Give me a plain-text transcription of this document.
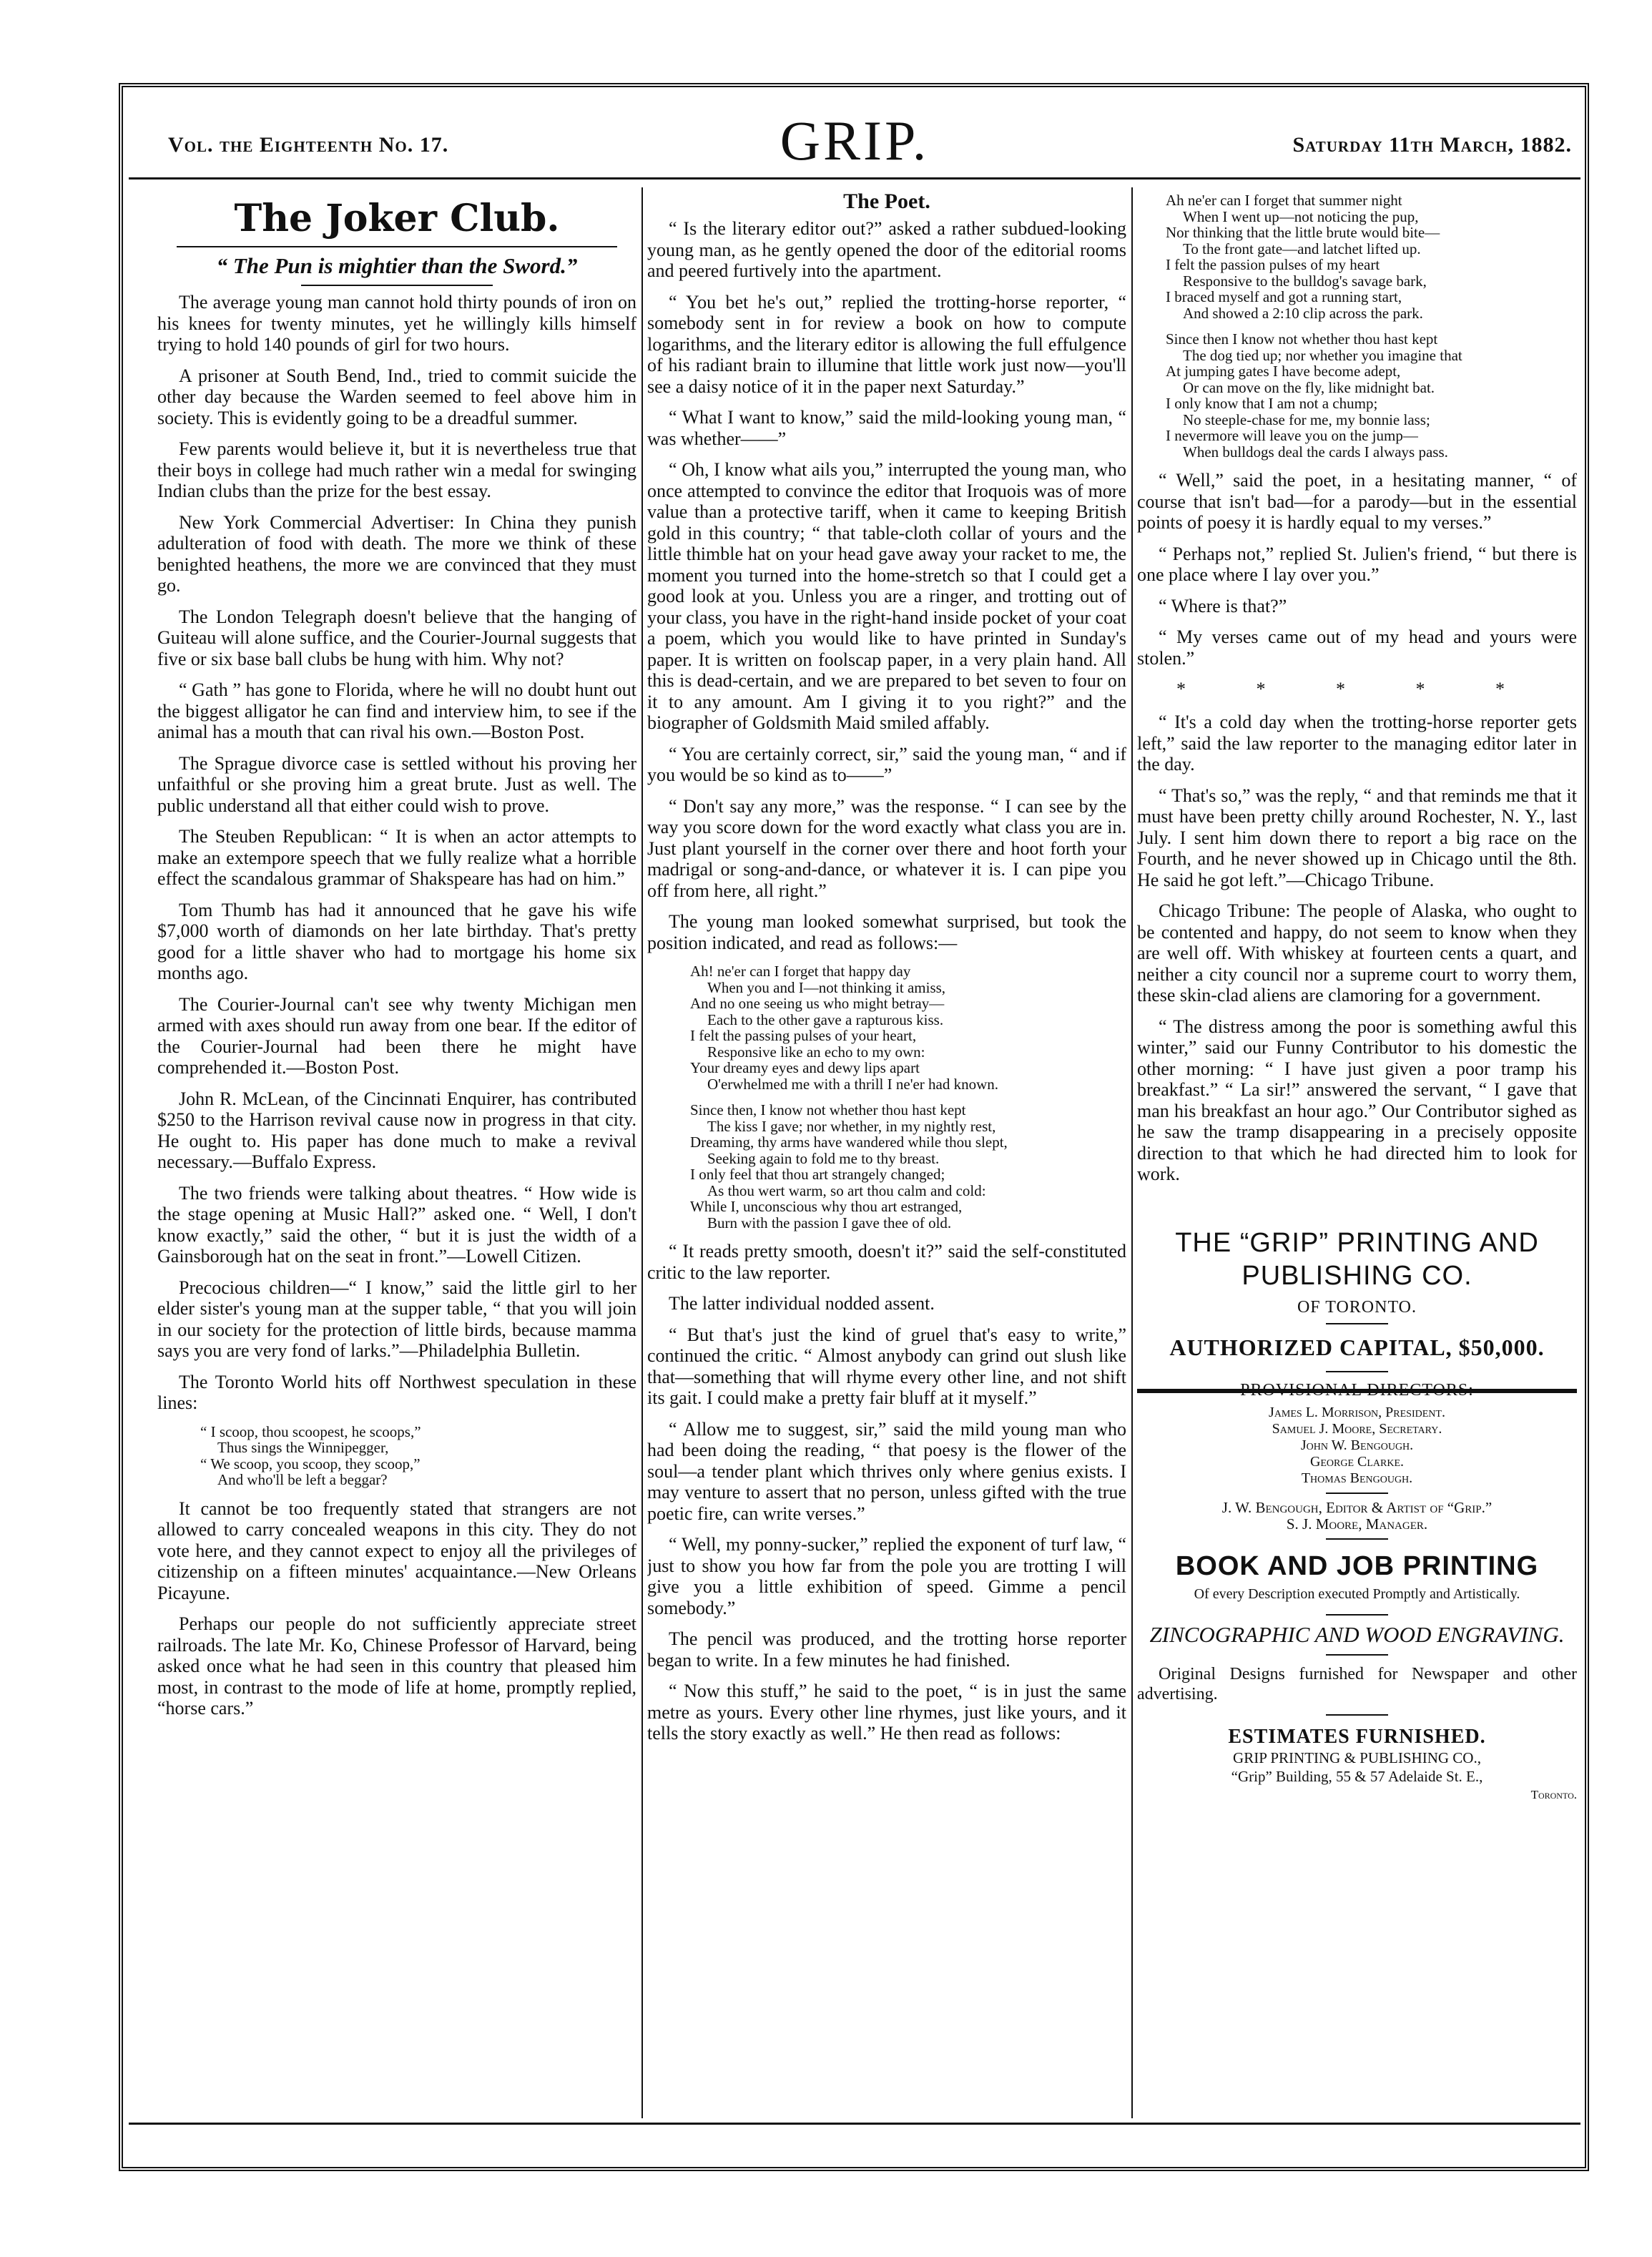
Vol. the Eighteenth No. 17.	GRIP.	Saturday 11th March, 1882.
The Joker Club.
“ The Pun is mightier than the Sword.”

The average young man cannot hold thirty pounds of iron on his knees for twenty minutes, yet he willingly kills himself trying to hold 140 pounds of girl for two hours.

A prisoner at South Bend, Ind., tried to commit suicide the other day because the Warden seemed to feel above him in society. This is evidently going to be a dreadful summer.

Few parents would believe it, but it is nevertheless true that their boys in college had much rather win a medal for swinging Indian clubs than the prize for the best essay.

New York Commercial Advertiser: In China they punish adulteration of food with death. The more we think of these benighted heathens, the more we are convinced that they must go.

The London Telegraph doesn't believe that the hanging of Guiteau will alone suffice, and the Courier-Journal suggests that five or six base ball clubs be hung with him. Why not?

“ Gath ” has gone to Florida, where he will no doubt hunt out the biggest alligator he can find and interview him, to see if the animal has a mouth that can rival his own.—Boston Post.

The Sprague divorce case is settled without his proving her unfaithful or she proving him a great brute. Just as well. The public understand all that either could wish to prove.

The Steuben Republican: “ It is when an actor attempts to make an extempore speech that we fully realize what a horrible effect the scandalous grammar of Shakspeare has had on him.”

Tom Thumb has had it announced that he gave his wife $7,000 worth of diamonds on her late birthday. That's pretty good for a little shaver who had to mortgage his home six months ago.

The Courier-Journal can't see why twenty Michigan men armed with axes should run away from one bear. If the editor of the Courier-Journal had been there he might have comprehended it.—Boston Post.

John R. McLean, of the Cincinnati Enquirer, has contributed $250 to the Harrison revival cause now in progress in that city. He ought to. His paper has done much to make a revival necessary.—Buffalo Express.

The two friends were talking about theatres. “ How wide is the stage opening at Music Hall?” asked one. “ Well, I don't know exactly,” said the other, “ but it is just the width of a Gainsborough hat on the seat in front.”—Lowell Citizen.

Precocious children—“ I know,” said the little girl to her elder sister's young man at the supper table, “ that you will join in our society for the protection of little birds, because mamma says you are very fond of larks.”—Philadelphia Bulletin.

The Toronto World hits off Northwest speculation in these lines:

“ I scoop, thou scoopest, he scoops,”
Thus sings the Winnipegger,
“ We scoop, you scoop, they scoop,”
And who'll be left a beggar?

It cannot be too frequently stated that strangers are not allowed to carry concealed weapons in this city. They do not vote here, and they cannot expect to enjoy all the privileges of citizenship on a fifteen minutes' acquaintance.—New Orleans Picayune.

Perhaps our people do not sufficiently appreciate street railroads. The late Mr. Ko, Chinese Professor of Harvard, being asked once what he had seen in this country that pleased him most, in contrast to the mode of life at home, promptly replied, “horse cars.”

The Poet.

“ Is the literary editor out?” asked a rather subdued-looking young man, as he gently opened the door of the editorial rooms and peered furtively into the apartment.

“ You bet he's out,” replied the trotting-horse reporter, “ somebody sent in for review a book on how to compute logarithms, and the literary editor is allowing the full effulgence of his radiant brain to illumine that little work just now—you'll see a daisy notice of it in the paper next Saturday.”

“ What I want to know,” said the mild-looking young man, “ was whether——”

“ Oh, I know what ails you,” interrupted the young man, who once attempted to convince the editor that Iroquois was of more value than a protective tariff, when it came to keeping British gold in this country; “ that table-cloth collar of yours and the little thimble hat on your head gave away your racket to me, the moment you turned into the home-stretch so that I could get a good look at you. Unless you are a ringer, and trotting out of your class, you have in the right-hand inside pocket of your coat a poem, which you would like to have printed in Sunday's paper. It is written on foolscap paper, in a very plain hand. All this is dead-certain, and we are prepared to bet seven to four on it to any amount. Am I giving it to you right?” and the biographer of Goldsmith Maid smiled affably.

“ You are certainly correct, sir,” said the young man, “ and if you would be so kind as to——”

“ Don't say any more,” was the response. “ I can see by the way you score down for the word exactly what class you are in. Just plant yourself in the corner over there and hoot forth your madrigal or song-and-dance, or whatever it is. I can pipe you off from here, all right.”

The young man looked somewhat surprised, but took the position indicated, and read as follows:—

Ah! ne'er can I forget that happy day
When you and I—not thinking it amiss,
And no one seeing us who might betray—
Each to the other gave a rapturous kiss.
I felt the passing pulses of your heart,
Responsive like an echo to my own:
Your dreamy eyes and dewy lips apart
O'erwhelmed me with a thrill I ne'er had known.
Since then, I know not whether thou hast kept
The kiss I gave; nor whether, in my nightly rest,
Dreaming, thy arms have wandered while thou slept,
Seeking again to fold me to thy breast.
I only feel that thou art strangely changed;
As thou wert warm, so art thou calm and cold:
While I, unconscious why thou art estranged,
Burn with the passion I gave thee of old.

“ It reads pretty smooth, doesn't it?” said the self-constituted critic to the law reporter.

The latter individual nodded assent.

“ But that's just the kind of gruel that's easy to write,” continued the critic. “ Almost anybody can grind out slush like that—something that will rhyme every other line, and not shift its gait. I could make a pretty fair bluff at it myself.”

“ Allow me to suggest, sir,” said the mild young man who had been doing the reading, “ that poesy is the flower of the soul—a tender plant which thrives only where genius exists. I may venture to assert that no person, unless gifted with the true poetic fire, can write verses.”

“ Well, my ponny-sucker,” replied the exponent of turf law, “ just to show you how far from the pole you are trotting I will give you a little exhibition of speed. Gimme a pencil somebody.”

The pencil was produced, and the trotting horse reporter began to write. In a few minutes he had finished.

“ Now this stuff,” he said to the poet, “ is in just the same metre as yours. Every other line rhymes, just like yours, and it tells the story exactly as well.” He then read as follows:

Ah ne'er can I forget that summer night
When I went up—not noticing the pup,
Nor thinking that the little brute would bite—
To the front gate—and latchet lifted up.
I felt the passion pulses of my heart
Responsive to the bulldog's savage bark,
I braced myself and got a running start,
And showed a 2:10 clip across the park.
Since then I know not whether thou hast kept
The dog tied up; nor whether you imagine that
At jumping gates I have become adept,
Or can move on the fly, like midnight bat.
I only know that I am not a chump;
No steeple-chase for me, my bonnie lass;
I nevermore will leave you on the jump—
When bulldogs deal the cards I always pass.

“ Well,” said the poet, in a hesitating manner, “ of course that isn't bad—for a parody—but in the essential points of poesy it is hardly equal to my verses.”

“ Perhaps not,” replied St. Julien's friend, “ but there is one place where I lay over you.”

“ Where is that?”

“ My verses came out of my head and yours were stolen.”

* * * * *

“ It's a cold day when the trotting-horse reporter gets left,” said the law reporter to the managing editor later in the day.

“ That's so,” was the reply, “ and that reminds me that it must have been pretty chilly around Rochester, N. Y., last July. I sent him down there to report a big race on the Fourth, and he never showed up in Chicago until the 8th. He said he got left.”—Chicago Tribune.

Chicago Tribune: The people of Alaska, who ought to be contented and happy, do not seem to know when they are well off. With whiskey at fourteen cents a quart, and neither a city council nor a supreme court to worry them, these skin-clad aliens are clamoring for a government.

“ The distress among the poor is something awful this winter,” said our Funny Contributor to his domestic the other morning: “ I have just given a poor tramp his breakfast.” “ La sir!” answered the servant, “ I gave that man his breakfast an hour ago.” Our Contributor sighed as he saw the tramp disappearing in a precisely opposite direction to that which he had directed him to look for work.

THE “GRIP” PRINTING AND PUBLISHING CO.
OF TORONTO.
AUTHORIZED CAPITAL, $50,000.
PROVISIONAL DIRECTORS:
James L. Morrison, President.
Samuel J. Moore, Secretary.
John W. Bengough.
George Clarke.
Thomas Bengough.
J. W. Bengough, Editor & Artist of “Grip.”
S. J. Moore, Manager.
BOOK AND JOB PRINTING
Of every Description executed Promptly and Artistically.
ZINCOGRAPHIC AND WOOD ENGRAVING.

Original Designs furnished for Newspaper and other advertising.

ESTIMATES FURNISHED.
GRIP PRINTING & PUBLISHING CO.,
“Grip” Building, 55 & 57 Adelaide St. E.,
Toronto.
